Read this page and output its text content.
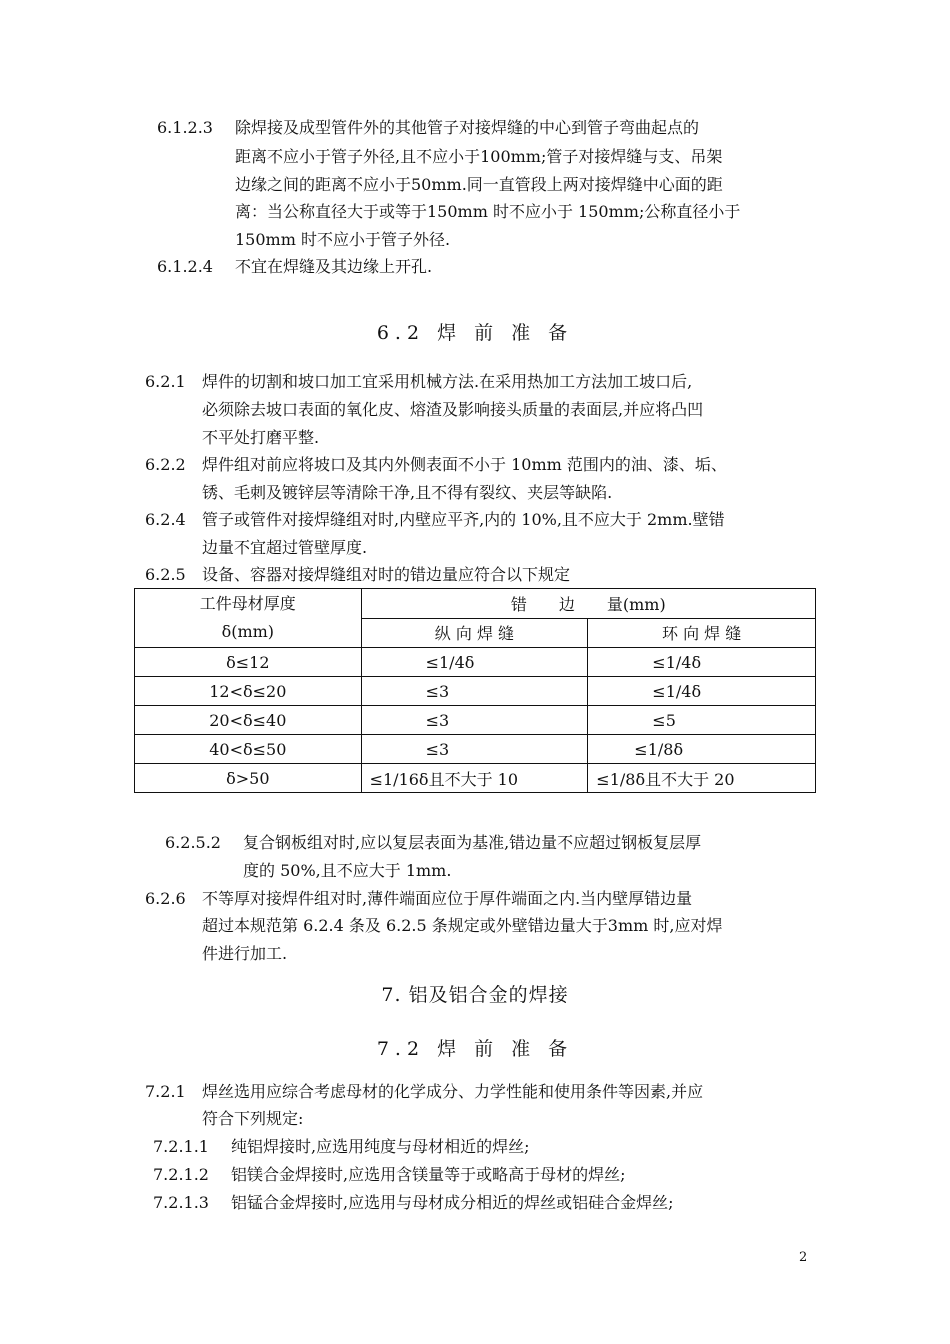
6.1.2.3 除焊接及成型管件外的其他管子对接焊缝的中心到管子弯曲起点的
距离不应小于管子外径,且不应小于100mm;管子对接焊缝与支、吊架
边缘之间的距离不应小于50mm.同一直管段上两对接焊缝中心面的距
离：当公称直径大于或等于150mm 时不应小于 150mm;公称直径小于
150mm 时不应小于管子外径.
6.1.2.4 不宜在焊缝及其边缘上开孔.
6.2 焊 前 准 备
6.2.1 焊件的切割和坡口加工宜采用机械方法.在采用热加工方法加工坡口后,
必须除去坡口表面的氧化皮、熔渣及影响接头质量的表面层,并应将凸凹
不平处打磨平整.
6.2.2 焊件组对前应将坡口及其内外侧表面不小于 10mm 范围内的油、漆、垢、
锈、毛刺及镀锌层等清除干净,且不得有裂纹、夹层等缺陷.
6.2.4 管子或管件对接焊缝组对时,内壁应平齐,内的 10%,且不应大于 2mm.壁错
边量不宜超过管壁厚度.
6.2.5 设备、容器对接焊缝组对时的错边量应符合以下规定
工件母材厚度
δ(mm)	错　　边　　量(mm)	
	纵 向 焊 缝	环 向 焊 缝
δ≤12	≤1/4δ	≤1/4δ
12<δ≤20	≤3	≤1/4δ
20<δ≤40	≤3	≤5
40<δ≤50	≤3	≤1/8δ
δ>50	≤1/16δ且不大于 10	≤1/8δ且不大于 20
6.2.5.2 复合钢板组对时,应以复层表面为基准,错边量不应超过钢板复层厚
度的 50%,且不应大于 1mm.
6.2.6 不等厚对接焊件组对时,薄件端面应位于厚件端面之内.当内壁厚错边量
超过本规范第 6.2.4 条及 6.2.5 条规定或外壁错边量大于3mm 时,应对焊
件进行加工.
7. 铝及铝合金的焊接
7.2 焊 前 准 备
7.2.1 焊丝选用应综合考虑母材的化学成分、力学性能和使用条件等因素,并应
符合下列规定:
7.2.1.1 纯铝焊接时,应选用纯度与母材相近的焊丝;
7.2.1.2 铝镁合金焊接时,应选用含镁量等于或略高于母材的焊丝;
7.2.1.3 铝锰合金焊接时,应选用与母材成分相近的焊丝或铝硅合金焊丝;
2
